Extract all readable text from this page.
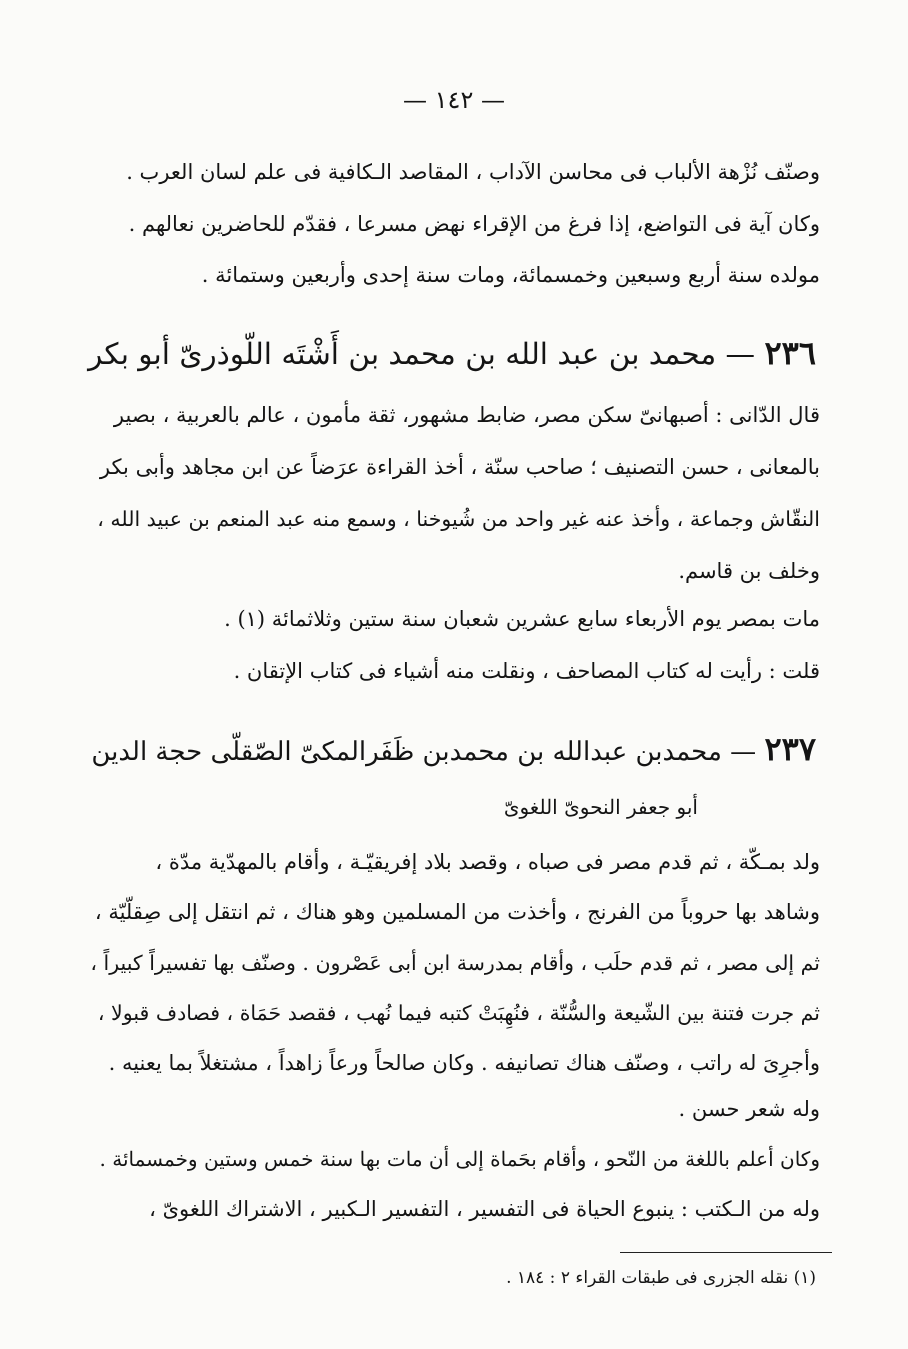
— ١٤٢ —
وصنّف نُزْهة الألباب فى محاسن الآداب ، المقاصد الـكافية فى علم لسان العرب .
وكان آية فى التواضع، إذا فرغ من الإقراء نهض مسرعا ، فقدّم للحاضرين نعالهم .
مولده سنة أربع وسبعين وخمسمائة، ومات سنة إحدى وأربعين وستمائة .
٢٣٦ — محمد بن عبد الله بن محمد بن أَشْتَه اللّوذرىّ أبو بكر
قال الدّانى : أصبهانىّ سكن مصر، ضابط مشهور، ثقة مأمون ، عالم بالعربية ، بصير
بالمعانى ، حسن التصنيف ؛ صاحب سنّة ، أخذ القراءة عرَضاً عن ابن مجاهد وأبى بكر
النقّاش وجماعة ، وأخذ عنه غير واحد من شُيوخنا ، وسمع منه عبد المنعم بن عبيد الله ،
وخلف بن قاسم.
مات بمصر يوم الأربعاء سابع عشرين شعبان سنة ستين وثلاثمائة (١) .
قلت : رأيت له كتاب المصاحف ، ونقلت منه أشياء فى كتاب الإتقان .
٢٣٧ — محمدبن عبدالله بن محمدبن ظَفَرالمكىّ الصّقلّى حجة الدين
أبو جعفر النحوىّ اللغوىّ
ولد بمـكّة ، ثم قدم مصر فى صباه ، وقصد بلاد إفريقيّـة ، وأقام بالمهدّية مدّة ،
وشاهد بها حروباً من الفرنج ، وأخذت من المسلمين وهو هناك ، ثم انتقل إلى صِقلّيّة ،
ثم إلى مصر ، ثم قدم حلَب ، وأقام بمدرسة ابن أبى عَصْرون . وصنّف بها تفسيراً كبيراً ،
ثم جرت فتنة بين الشّيعة والسُّنّة ، فنُهِبَتْ كتبه فيما نُهب ، فقصد حَمَاة ، فصادف قبولا ،
وأجرِىَ له راتب ، وصنّف هناك تصانيفه . وكان صالحاً ورعاً زاهداً ، مشتغلاً بما يعنيه .
وله شعر حسن .
وكان أعلم باللغة من النّحو ، وأقام بحَماة إلى أن مات بها سنة خمس وستين وخمسمائة .
وله من الـكتب : ينبوع الحياة فى التفسير ، التفسير الـكبير ، الاشتراك اللغوىّ ،
(١) نقله الجزرى فى طبقات القراء ٢ : ١٨٤ .
